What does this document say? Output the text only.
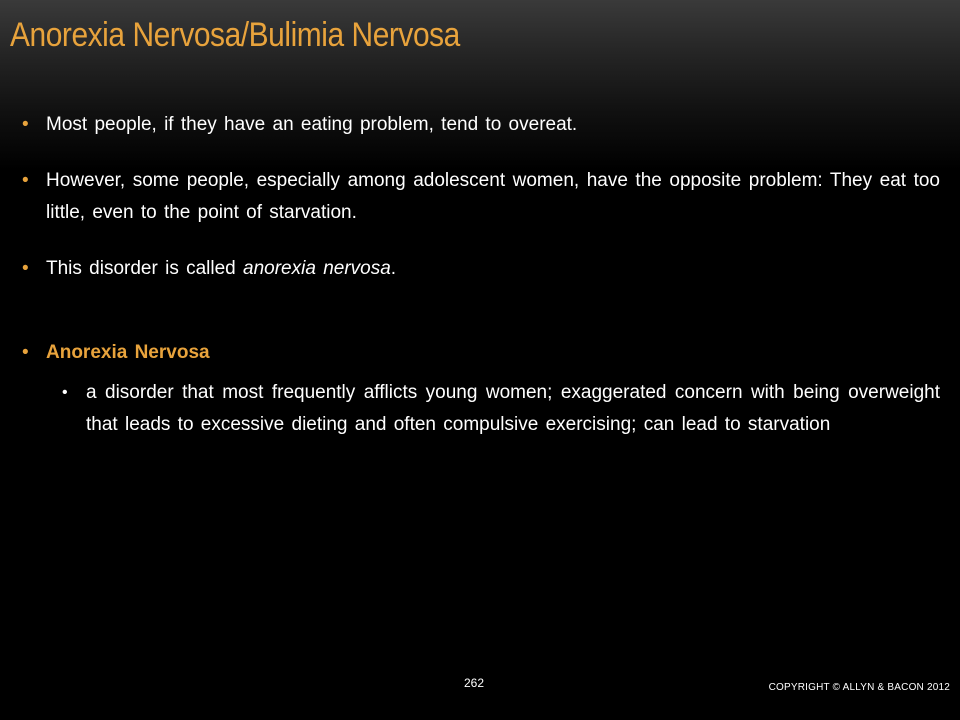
Anorexia Nervosa/Bulimia Nervosa
• Most people, if they have an eating problem, tend to overeat.
• However, some people, especially among adolescent women, have the opposite problem: They eat too little, even to the point of starvation.
• This disorder is called anorexia nervosa.
• Anorexia Nervosa
• a disorder that most frequently afflicts young women; exaggerated concern with being overweight that leads to excessive dieting and often compulsive exercising; can lead to starvation
262	COPYRIGHT © ALLYN & BACON 2012
